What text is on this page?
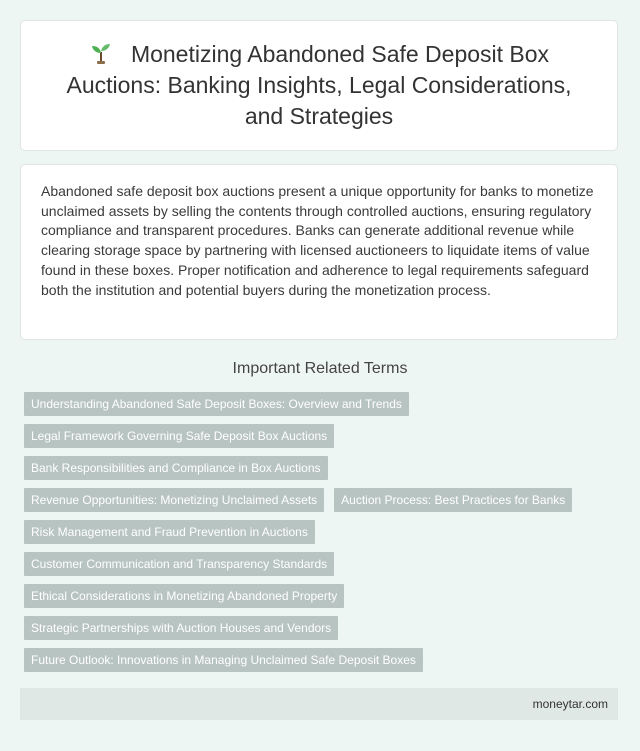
Monetizing Abandoned Safe Deposit Box Auctions: Banking Insights, Legal Considerations, and Strategies

Abandoned safe deposit box auctions present a unique opportunity for banks to monetize unclaimed assets by selling the contents through controlled auctions, ensuring regulatory compliance and transparent procedures. Banks can generate additional revenue while clearing storage space by partnering with licensed auctioneers to liquidate items of value found in these boxes. Proper notification and adherence to legal requirements safeguard both the institution and potential buyers during the monetization process.

Important Related Terms
Understanding Abandoned Safe Deposit Boxes: Overview and Trends
Legal Framework Governing Safe Deposit Box Auctions
Bank Responsibilities and Compliance in Box Auctions
Revenue Opportunities: Monetizing Unclaimed Assets	Auction Process: Best Practices for Banks
Risk Management and Fraud Prevention in Auctions
Customer Communication and Transparency Standards
Ethical Considerations in Monetizing Abandoned Property
Strategic Partnerships with Auction Houses and Vendors
Future Outlook: Innovations in Managing Unclaimed Safe Deposit Boxes
moneytar.com
